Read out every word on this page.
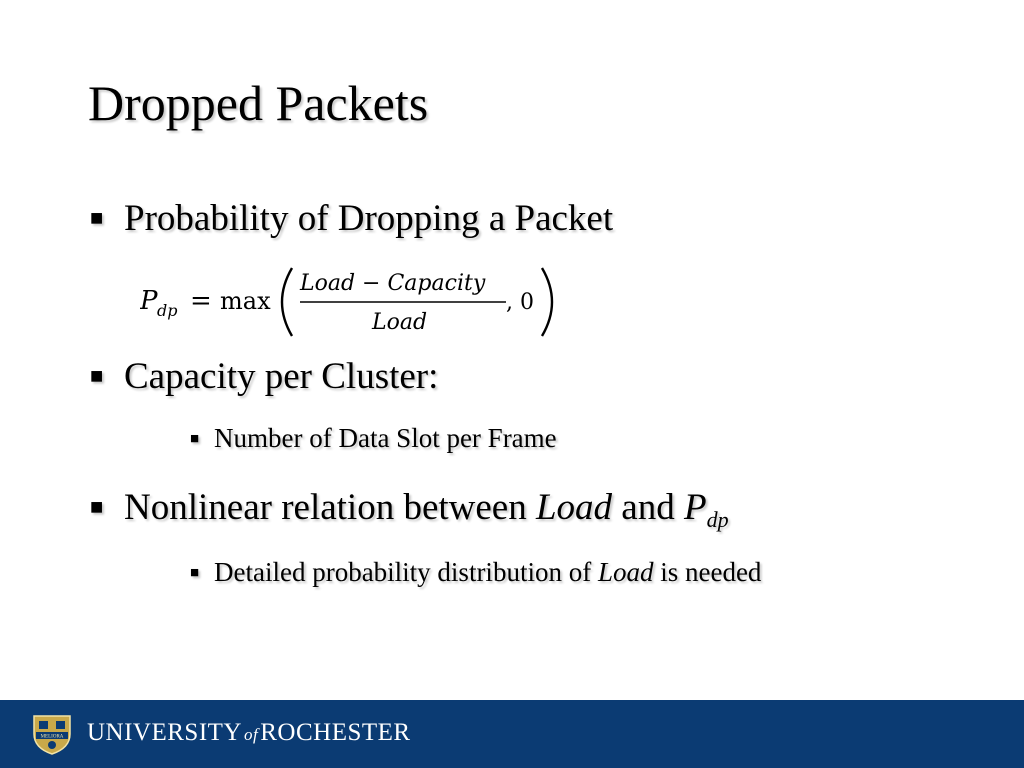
Dropped Packets
■ Probability of Dropping a Packet
P dp = max
Load − Capacity
Load
, 0
■ Capacity per Cluster:
■ Number of Data Slot per Frame
■ Nonlinear relation between Load and $P_{dp}$
■ Detailed probability distribution of Load is needed
MELIORA UNIVERSITY ofROCHESTER
